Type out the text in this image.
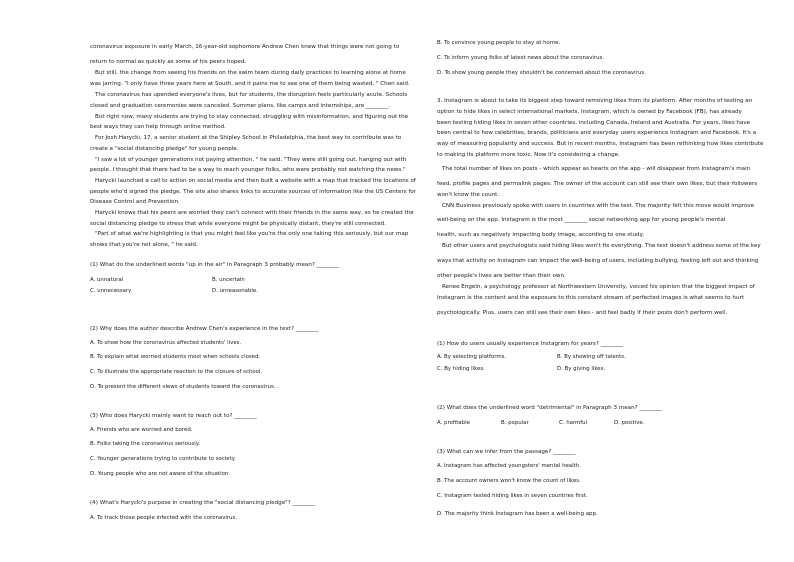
coronavirus exposure in early March, 16-year-old sophomore Andrew Chen knew that things were not going to
return to normal as quickly as some of his peers hoped.
But still, the change from seeing his friends on the swim team during daily practices to learning alone at home
was jarring. "I only have three years here at South, and it pains me to see one of them being wasted, " Chen said.
The coronavirus has upended everyone's lives, but for students, the disruption feels particularly acute. Schools
closed and graduation ceremonies were canceled. Summer plans, like camps and internships, are ________.
But right now, many students are trying to stay connected, struggling with misinformation, and figuring out the
best ways they can help through online method.
For Josh Harycki, 17, a senior student at the Shipley School in Philadelphia, the best way to contribute was to
create a "social distancing pledge" for young people.
"I saw a lot of younger generations not paying attention, " he said. "They were still going out, hanging out with
people. I thought that there had to be a way to reach younger folks, who were probably not watching the news."
Harycki launched a call to action on social media and then built a website with a map that tracked the locations of
people who'd signed the pledge. The site also shares links to accurate sources of information like the US Centers for
Disease Control and Prevention.
Harycki knows that his peers are worried they can't connect with their friends in the same way, so he created the
social distancing pledge to stress that while everyone might be physically distant, they're still connected.
"Part of what we're highlighting is that you might feel like you're the only one taking this seriously, but our map
shows that you're not alone, " he said.
(1) What do the underlined words "up in the air" in Paragraph 3 probably mean? ________
A. unnatural	B. uncertain
C. unnecessary	D. unreasonable.
(2) Why does the author describe Andrew Chen's experience in the text? ________
A. To show how the coronavirus affected students' lives.
B. To explain what worried students most when schools closed.
C. To illustrate the appropriate reaction to the closure of school.
D. To present the different views of students toward the coronavirus. .
(3) Who does Harycki mainly want to reach out to? ________
A. Friends who are worried and bored.
B. Folks taking the coronavirus seriously.
C. Younger generations trying to contribute to society.
D. Young people who are not aware of the situation.
(4) What's Harycki's purpose in creating the "social distancing pledge"? ________
A. To track those people infected with the coronavirus.
B. To convince young people to stay at home.
C. To inform young folks of latest news about the coronavirus.
D. To show young people they shouldn't be concerned about the coronavirus.
3. Instagram is about to take its biggest step toward removing likes from its platform. After months of testing an
option to hide likes in select international markets, Instagram, which is owned by Facebook (FB), has already
been testing hiding likes in seven other countries, including Canada, Ireland and Australia. For years, likes have
been central to how celebrities, brands, politicians and everyday users experience Instagram and Facebook. It's a
way of measuring popularity and success. But in recent months, Instagram has been rethinking how likes contribute
to making its platform more toxic. Now it's considering a change.
The total number of likes on posts - which appear as hearts on the app - will disappear from Instagram's main
feed, profile pages and permalink pages. The owner of the account can still see their own likes, but their followers
won't know the count.
CNN Business previously spoke with users in countries with the test. The majority felt this move would improve
well-being on the app. Instagram is the most ________ social networking app for young people's mental
health, such as negatively impacting body image, according to one study.
But other users and psychologists said hiding likes won't fix everything. The test doesn't address some of the key
ways that activity on Instagram can impact the well-being of users, including bullying, feeling left out and thinking
other people's lives are better than their own.
Renee Engeln, a psychology professor at Northwestern University, voiced his opinion that the biggest impact of
Instagram is the content and the exposure to this constant stream of perfected images is what seems to hurt
psychologically. Plus, users can still see their own likes - and feel badly if their posts don't perform well.
(1) How do users usually experience Instagram for years? ________
A. By selecting platforms.	B. By showing off talents.
C. By hiding likes.	D. By giving likes.
(2) What does the underlined word "detrimental" in Paragraph 3 mean? ________
A. profitable	B. popular	C. harmful	D. positive.
(3) What can we infer from the passage? ________
A. Instagram has affected youngsters' mental health.
B. The account owners won't know the count of likes.
C. Instagram tested hiding likes in seven countries first.
D. The majority think Instagram has been a well-being app.
